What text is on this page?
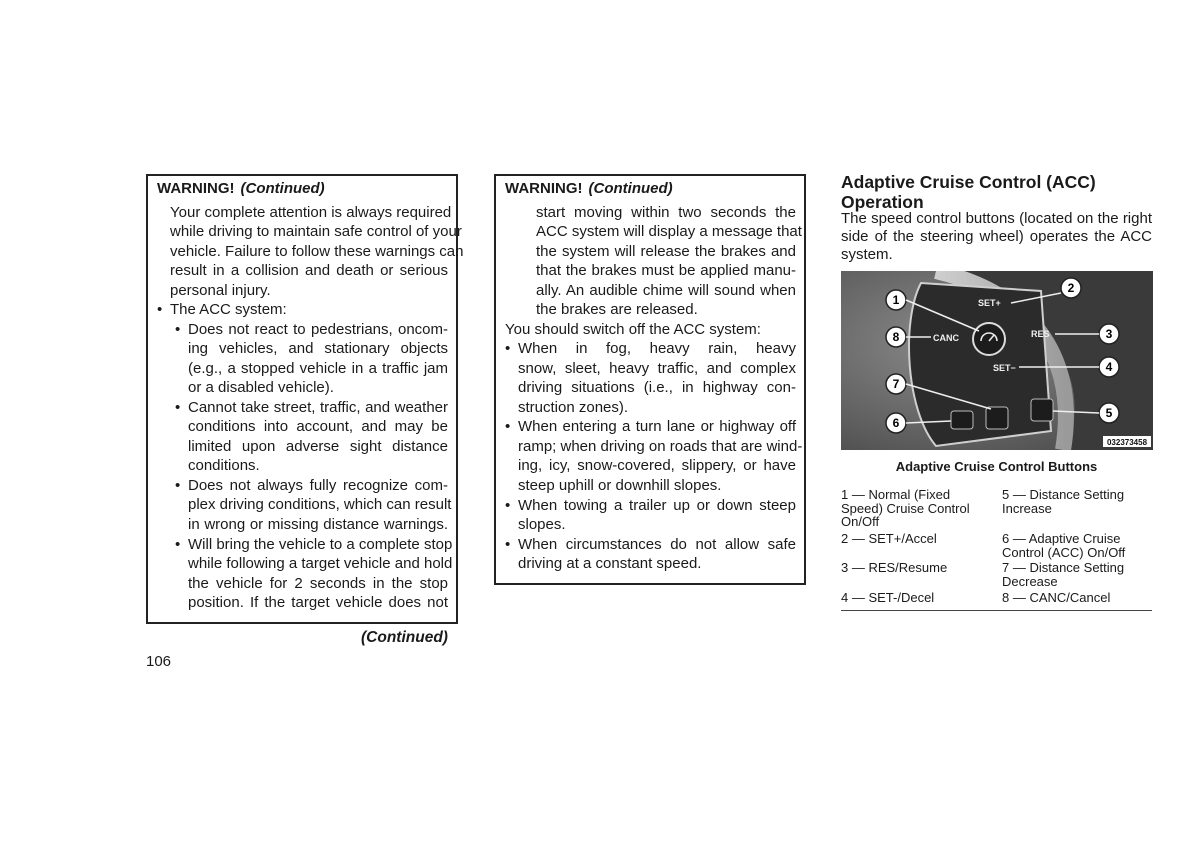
WARNING! (Continued)
Your complete attention is always required
while driving to maintain safe control of your
vehicle. Failure to follow these warnings can
result in a collision and death or serious
personal injury.
• The ACC system:
• Does not react to pedestrians, oncom-
ing vehicles, and stationary objects
(e.g., a stopped vehicle in a traffic jam
or a disabled vehicle).
• Cannot take street, traffic, and weather
conditions into account, and may be
limited upon adverse sight distance
conditions.
• Does not always fully recognize com-
plex driving conditions, which can result
in wrong or missing distance warnings.
• Will bring the vehicle to a complete stop
while following a target vehicle and hold
the vehicle for 2 seconds in the stop
position. If the target vehicle does not
(Continued)
106
WARNING! (Continued)
start moving within two seconds the
ACC system will display a message that
the system will release the brakes and
that the brakes must be applied manu-
ally. An audible chime will sound when
the brakes are released.
You should switch off the ACC system:
• When in fog, heavy rain, heavy
snow, sleet, heavy traffic, and complex
driving situations (i.e., in highway con-
struction zones).
• When entering a turn lane or highway off
ramp; when driving on roads that are wind-
ing, icy, snow-covered, slippery, or have
steep uphill or downhill slopes.
• When towing a trailer up or down steep
slopes.
• When circumstances do not allow safe
driving at a constant speed.
Adaptive Cruise Control (ACC)
Operation
The speed control buttons (located on the right
side of the steering wheel) operates the ACC
system.
SET+
CANC	RES
SET−
1
2
8	3
4
7
6
5
032373458
Adaptive Cruise Control Buttons
1 — Normal (Fixed
Speed) Cruise Control
On/Off
5 — Distance Setting
Increase
2 — SET+/Accel	6 — Adaptive Cruise
Control (ACC) On/Off
3 — RES/Resume	7 — Distance Setting
Decrease
4 — SET-/Decel	8 — CANC/Cancel
